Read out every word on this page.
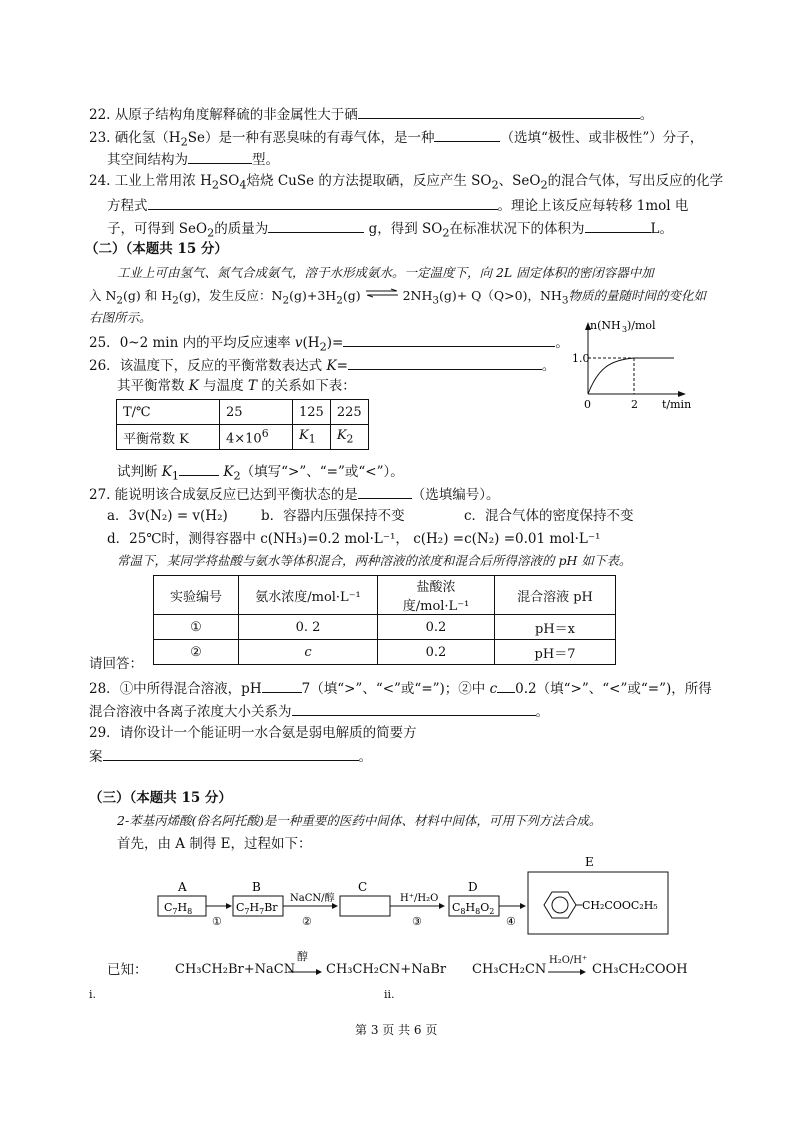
22. 从原子结构角度解释硫的非金属性大于硒	。
23. 硒化氢$(H_2Se)$是一种有恶臭味的有毒气体，是一种	（选填“极性、或非极性”）分子，
其空间结构为	型。
24. 工业上常用浓 $H_2SO_4$焙烧 CuSe 的方法提取硒，反应产生 $SO_2$、SeO$_2$的混合气体，写出反应的化学
方程式	。理论上该反应每转移 1mol 电
子，可得到 SeO$_2$的质量为	g，得到 $SO_2$在标准状况下的体积为	L。
（二）（本题共 15 分）
工业上可由氢气、氮气合成氨气，溶于水形成氨水。一定温度下，向 2L 固定体积的密闭容器中加
入 $N_2(g)$ 和 $H_2(g)$，发生反应：$N_2(g)+3H_2(g)$ ⇌ $2NH_3(g)+ Q(Q>0)$，$NH_3$物质的量随时间的变化如
右图所示。
n(NH 3 )/mol
1.0
0	2 t/min
25．0~2 min 内的平均反应速率 $v(H_2)=$	。
26．该温度下，反应的平衡常数表达式 K=	。
其平衡常数 K 与温度 T 的关系如下表：
T/℃	25	125	225
平衡常数 K	$4\times 10^6$	$K_1$	$K_2$
试判断 $K_1$	$K_2$（填写“>”、“=”或“<”）。
27. 能说明该合成氨反应已达到平衡状态的是	（选填编号）。
a．3v(N₂) = v(H₂) b．容器内压强保持不变	c．混合气体的密度保持不变
d．25℃时，测得容器中 c(NH₃)=0.2 mol·L⁻¹， c(H₂) =c(N₂) =0.01 mol·L⁻¹
常温下，某同学将盐酸与氨水等体积混合，两种溶液的浓度和混合后所得溶液的 pH 如下表。
实验编号	氨水浓度/mol·L⁻¹	盐酸浓度/mol·L⁻¹	混合溶液 pH
①	0. 2	0.2	pH＝x
②	c	0.2	pH＝7
请回答：
28．①中所得混合溶液，pH	7（填“>”、“<”或“=”)；②中 c 0.2（填“>”、“<”或“=”)，所得
混合溶液中各离子浓度大小关系为	。
29．请你设计一个能证明一水合氨是弱电解质的简要方
案	。
（三）（本题共 15 分）
2-苯基丙烯酸(俗名阿托酸)是一种重要的医药中间体、材料中间体，可用下列方法合成。
首先，由 A 制得 E，过程如下：
A
$C_7H_8$
①
B
$C_7H_7Br$
NaCN/醇
②
C
H⁺/H₂O
③
D
$C_8H_8O_2$
④
E
CH₂COOC₂H₅
已知： CH₃CH₂Br+NaCN
醇
CH₃CH₂CN+NaBr CH₃CH₂CN
H₂O/H⁺
CH₃CH₂COOH
i.	ii.
第 3 页 共 6 页
